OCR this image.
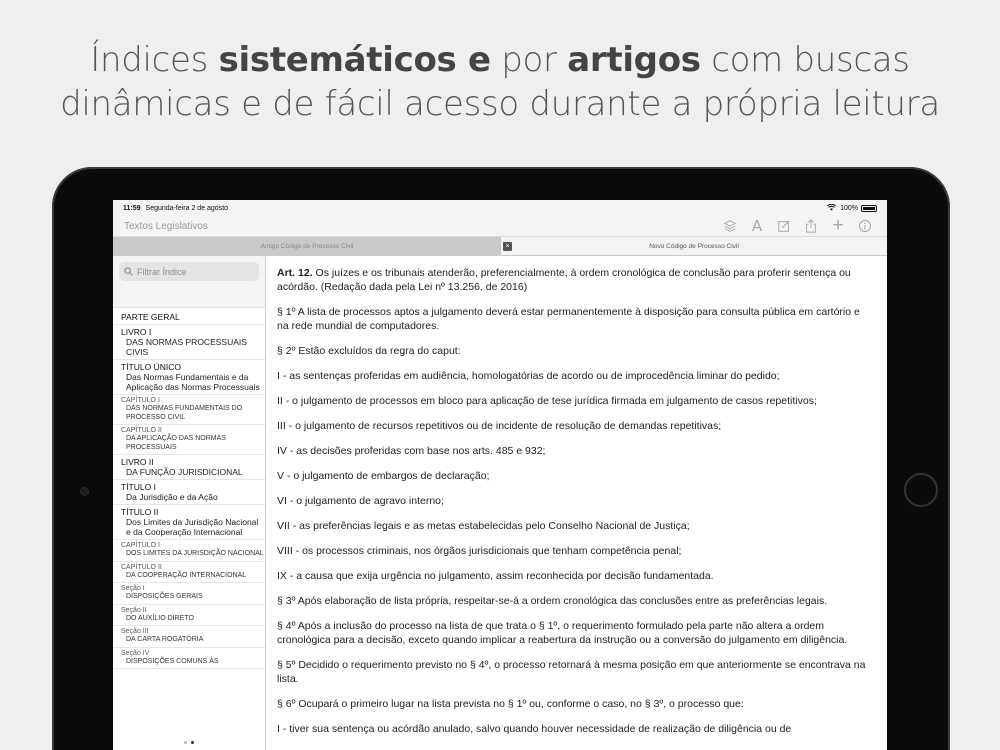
Índices sistemáticos e por artigos com buscas
dinâmicas e de fácil acesso durante a própria leitura
11:59 Segunda-feira 2 de agosto	100%
Textos Legislativos	A	+
Antigo Código de Processo Civil	×	Novo Código de Processo Civil
Filtrar Índice
PARTE GERAL
LIVRO I
DAS NORMAS PROCESSUAIS CIVIS
TÍTULO ÚNICO
Das Normas Fundamentais e da Aplicação das Normas Processuais
CAPÍTULO I
DAS NORMAS FUNDAMENTAIS DO PROCESSO CIVIL
CAPÍTULO II
DA APLICAÇÃO DAS NORMAS PROCESSUAIS
LIVRO II
DA FUNÇÃO JURISDICIONAL
TÍTULO I
Da Jurisdição e da Ação
TÍTULO II
Dos Limites da Jurisdição Nacional e da Cooperação Internacional
CAPÍTULO I
DOS LIMITES DA JURISDIÇÃO NACIONAL
CAPÍTULO II
DA COOPERAÇÃO INTERNACIONAL
Seção I
DISPOSIÇÕES GERAIS
Seção II
DO AUXÍLIO DIRETO
Seção III
DA CARTA ROGATÓRIA
Seção IV
DISPOSIÇÕES COMUNS ÀS

Art. 12. Os juízes e os tribunais atenderão, preferencialmente, à ordem cronológica de conclusão para proferir sentença ou acórdão. (Redação dada pela Lei nº 13.256, de 2016)

§ 1º A lista de processos aptos a julgamento deverá estar permanentemente à disposição para consulta pública em cartório e na rede mundial de computadores.

§ 2º Estão excluídos da regra do caput:

I - as sentenças proferidas em audiência, homologatórias de acordo ou de improcedência liminar do pedido;

II - o julgamento de processos em bloco para aplicação de tese jurídica firmada em julgamento de casos repetitivos;

III - o julgamento de recursos repetitivos ou de incidente de resolução de demandas repetitivas;

IV - as decisões proferidas com base nos arts. 485 e 932;

V - o julgamento de embargos de declaração;

VI - o julgamento de agravo interno;

VII - as preferências legais e as metas estabelecidas pelo Conselho Nacional de Justiça;

VIII - os processos criminais, nos órgãos jurisdicionais que tenham competência penal;

IX - a causa que exija urgência no julgamento, assim reconhecida por decisão fundamentada.

§ 3º Após elaboração de lista própria, respeitar-se-á a ordem cronológica das conclusões entre as preferências legais.

§ 4º Após a inclusão do processo na lista de que trata o § 1º, o requerimento formulado pela parte não altera a ordem cronológica para a decisão, exceto quando implicar a reabertura da instrução ou a conversão do julgamento em diligência.

§ 5º Decidido o requerimento previsto no § 4º, o processo retornará à mesma posição em que anteriormente se encontrava na lista.

§ 6º Ocupará o primeiro lugar na lista prevista no § 1º ou, conforme o caso, no § 3º, o processo que:

I - tiver sua sentença ou acórdão anulado, salvo quando houver necessidade de realização de diligência ou de
